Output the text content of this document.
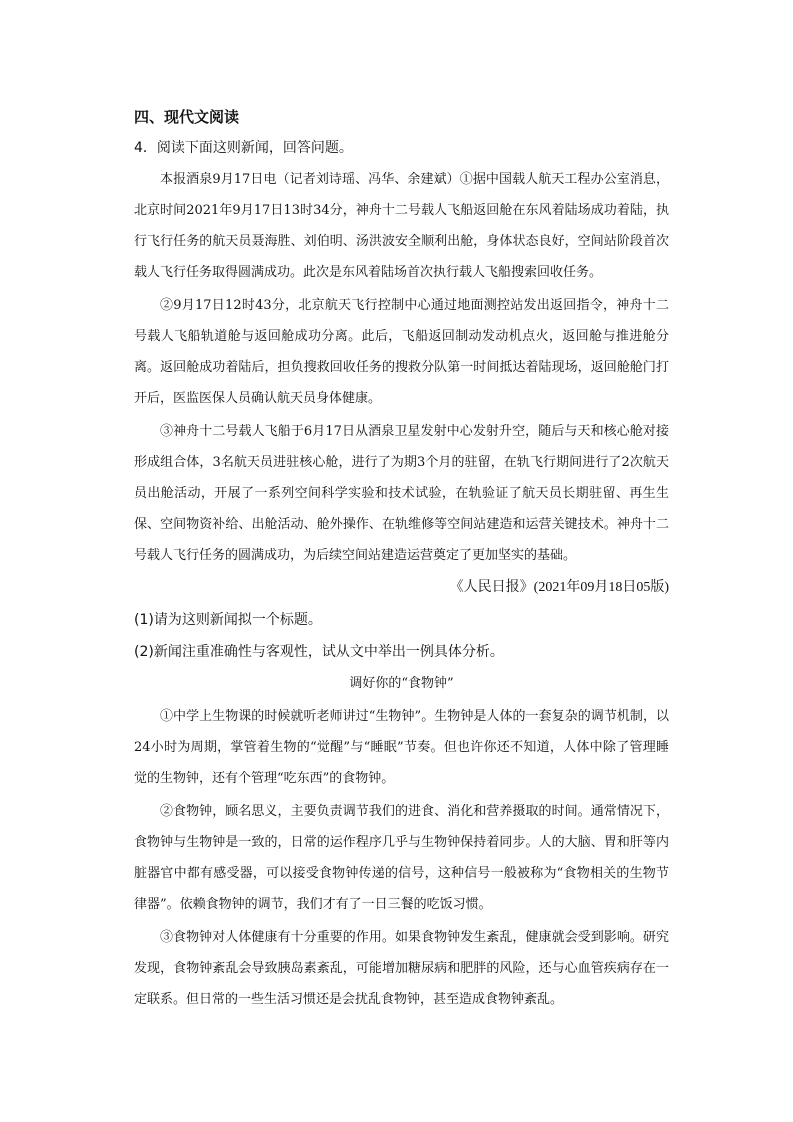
四、现代文阅读
4．阅读下面这则新闻，回答问题。

本报酒泉9月17日电（记者刘诗瑶、冯华、余建斌）①据中国载人航天工程办公室消息，北京时间2021年9月17日13时34分，神舟十二号载人飞船返回舱在东风着陆场成功着陆，执行飞行任务的航天员聂海胜、刘伯明、汤洪波安全顺利出舱，身体状态良好，空间站阶段首次载人飞行任务取得圆满成功。此次是东风着陆场首次执行载人飞船搜索回收任务。

②9月17日12时43分，北京航天飞行控制中心通过地面测控站发出返回指令，神舟十二号载人飞船轨道舱与返回舱成功分离。此后，飞船返回制动发动机点火，返回舱与推进舱分离。返回舱成功着陆后，担负搜救回收任务的搜救分队第一时间抵达着陆现场，返回舱舱门打开后，医监医保人员确认航天员身体健康。

③神舟十二号载人飞船于6月17日从酒泉卫星发射中心发射升空，随后与天和核心舱对接形成组合体，3名航天员进驻核心舱，进行了为期3个月的驻留，在轨飞行期间进行了2次航天员出舱活动，开展了一系列空间科学实验和技术试验，在轨验证了航天员长期驻留、再生生保、空间物资补给、出舱活动、舱外操作、在轨维修等空间站建造和运营关键技术。神舟十二号载人飞行任务的圆满成功，为后续空间站建造运营奠定了更加坚实的基础。

《人民日报》(2021年09月18日05版)
(1)请为这则新闻拟一个标题。
(2)新闻注重准确性与客观性，试从文中举出一例具体分析。
调好你的“食物钟”

①中学上生物课的时候就听老师讲过“生物钟”。生物钟是人体的一套复杂的调节机制，以24小时为周期，掌管着生物的“觉醒”与“睡眠”节奏。但也许你还不知道，人体中除了管理睡觉的生物钟，还有个管理“吃东西”的食物钟。

②食物钟，顾名思义，主要负责调节我们的进食、消化和营养摄取的时间。通常情况下，食物钟与生物钟是一致的，日常的运作程序几乎与生物钟保持着同步。人的大脑、胃和肝等内脏器官中都有感受器，可以接受食物钟传递的信号，这种信号一般被称为“食物相关的生物节律器”。依赖食物钟的调节，我们才有了一日三餐的吃饭习惯。

③食物钟对人体健康有十分重要的作用。如果食物钟发生紊乱，健康就会受到影响。研究发现，食物钟紊乱会导致胰岛素紊乱，可能增加糖尿病和肥胖的风险，还与心血管疾病存在一定联系。但日常的一些生活习惯还是会扰乱食物钟，甚至造成食物钟紊乱。
